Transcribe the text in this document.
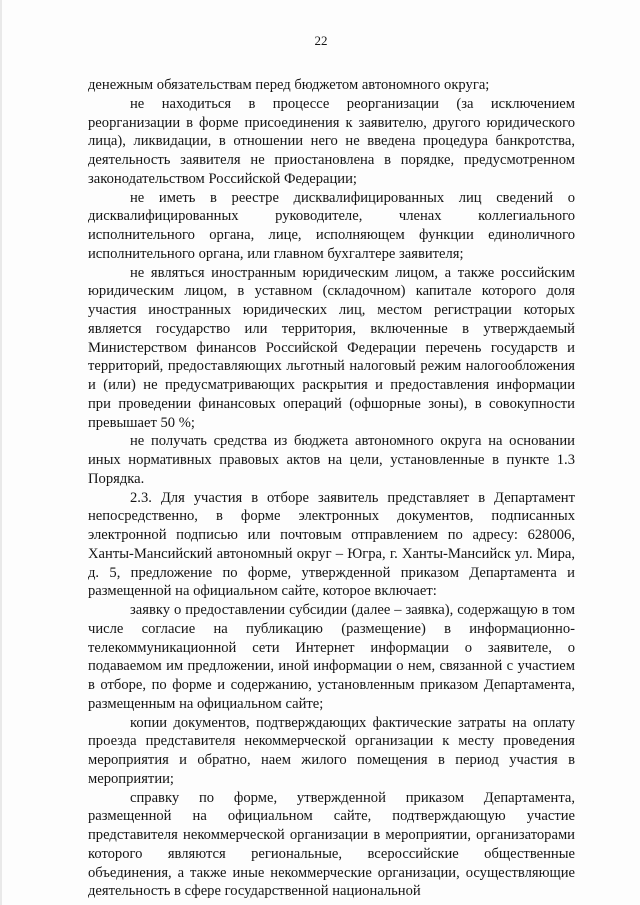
22

денежным обязательствам перед бюджетом автономного округа;

не находиться в процессе реорганизации (за исключением реорганизации в форме присоединения к заявителю, другого юридического лица), ликвидации, в отношении него не введена процедура банкротства, деятельность заявителя не приостановлена в порядке, предусмотренном законодательством Российской Федерации;

не иметь в реестре дисквалифицированных лиц сведений о дисквалифицированных руководителе, членах коллегиального исполнительного органа, лице, исполняющем функции единоличного исполнительного органа, или главном бухгалтере заявителя;

не являться иностранным юридическим лицом, а также российским юридическим лицом, в уставном (складочном) капитале которого доля участия иностранных юридических лиц, местом регистрации которых является государство или территория, включенные в утверждаемый Министерством финансов Российской Федерации перечень государств и территорий, предоставляющих льготный налоговый режим налогообложения и (или) не предусматривающих раскрытия и предоставления информации при проведении финансовых операций (офшорные зоны), в совокупности превышает 50 %;

не получать средства из бюджета автономного округа на основании иных нормативных правовых актов на цели, установленные в пункте 1.3 Порядка.

2.3. Для участия в отборе заявитель представляет в Департамент непосредственно, в форме электронных документов, подписанных электронной подписью или почтовым отправлением по адресу: 628006, Ханты-Мансийский автономный округ – Югра, г. Ханты-Мансийск ул. Мира, д. 5, предложение по форме, утвержденной приказом Департамента и размещенной на официальном сайте, которое включает:

заявку о предоставлении субсидии (далее – заявка), содержащую в том числе согласие на публикацию (размещение) в информационно-телекоммуникационной сети Интернет информации о заявителе, о подаваемом им предложении, иной информации о нем, связанной с участием в отборе, по форме и содержанию, установленным приказом Департамента, размещенным на официальном сайте;

копии документов, подтверждающих фактические затраты на оплату проезда представителя некоммерческой организации к месту проведения мероприятия и обратно, наем жилого помещения в период участия в мероприятии;

справку по форме, утвержденной приказом Департамента, размещенной на официальном сайте, подтверждающую участие представителя некоммерческой организации в мероприятии, организаторами которого являются региональные, всероссийские общественные объединения, а также иные некоммерческие организации, осуществляющие деятельность в сфере государственной национальной
